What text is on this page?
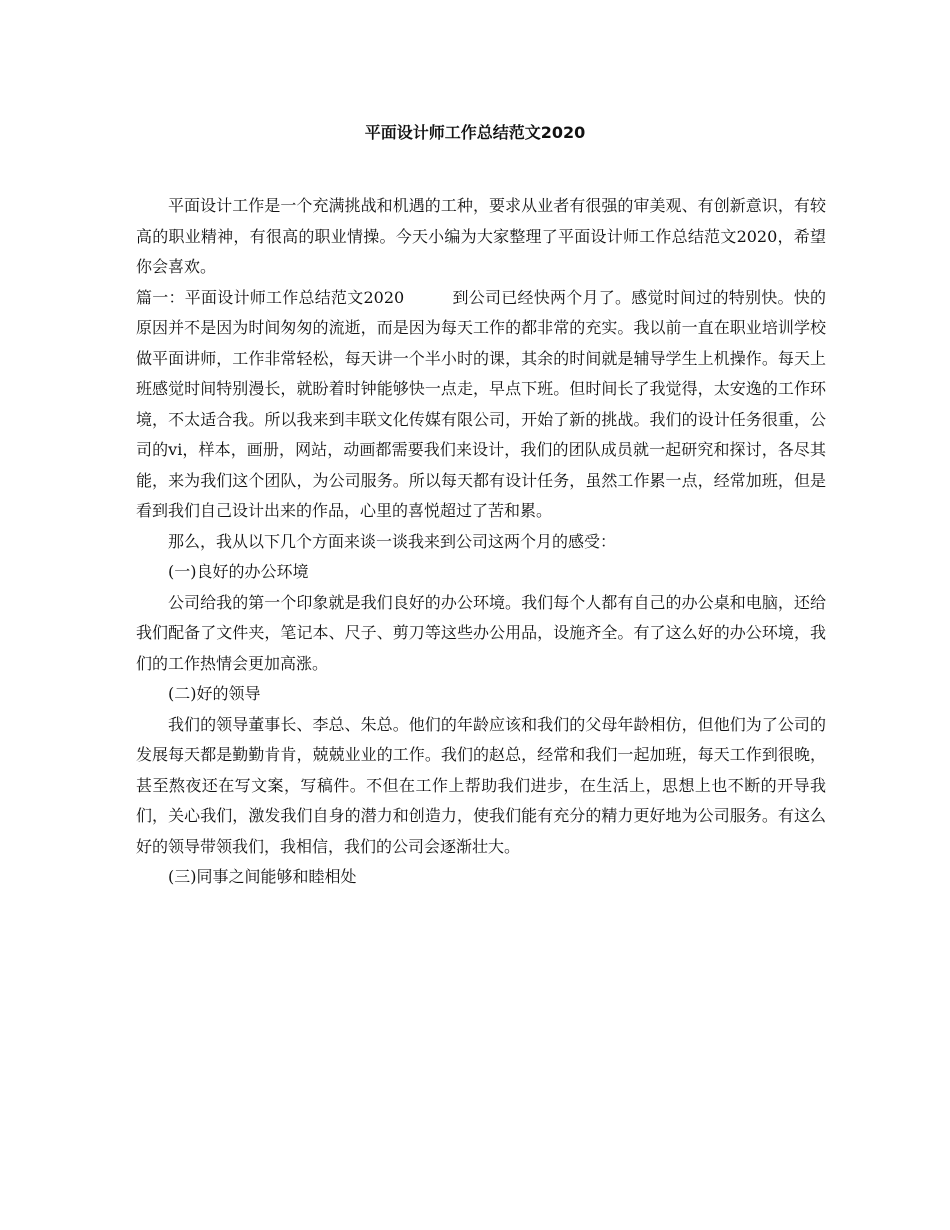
平面设计师工作总结范文2020

平面设计工作是一个充满挑战和机遇的工种，要求从业者有很强的审美观、有创新意识，有较高的职业精神，有很高的职业情操。今天小编为大家整理了平面设计师工作总结范文2020，希望你会喜欢。

篇一：平面设计师工作总结范文2020	到公司已经快两个月了。感觉时间过的特别快。快的原因并不是因为时间匆匆的流逝，而是因为每天工作的都非常的充实。我以前一直在职业培训学校做平面讲师，工作非常轻松，每天讲一个半小时的课，其余的时间就是辅导学生上机操作。每天上班感觉时间特别漫长，就盼着时钟能够快一点走，早点下班。但时间长了我觉得，太安逸的工作环境，不太适合我。所以我来到丰联文化传媒有限公司，开始了新的挑战。我们的设计任务很重，公司的vi，样本，画册，网站，动画都需要我们来设计，我们的团队成员就一起研究和探讨，各尽其能，来为我们这个团队，为公司服务。所以每天都有设计任务，虽然工作累一点，经常加班，但是看到我们自己设计出来的作品，心里的喜悦超过了苦和累。

那么，我从以下几个方面来谈一谈我来到公司这两个月的感受：

(一)良好的办公环境

公司给我的第一个印象就是我们良好的办公环境。我们每个人都有自己的办公桌和电脑，还给我们配备了文件夹，笔记本、尺子、剪刀等这些办公用品，设施齐全。有了这么好的办公环境，我们的工作热情会更加高涨。

(二)好的领导

我们的领导董事长、李总、朱总。他们的年龄应该和我们的父母年龄相仿，但他们为了公司的发展每天都是勤勤肯肯，兢兢业业的工作。我们的赵总，经常和我们一起加班，每天工作到很晚，甚至熬夜还在写文案，写稿件。不但在工作上帮助我们进步，在生活上，思想上也不断的开导我们，关心我们，激发我们自身的潜力和创造力，使我们能有充分的精力更好地为公司服务。有这么好的领导带领我们，我相信，我们的公司会逐渐壮大。

(三)同事之间能够和睦相处
